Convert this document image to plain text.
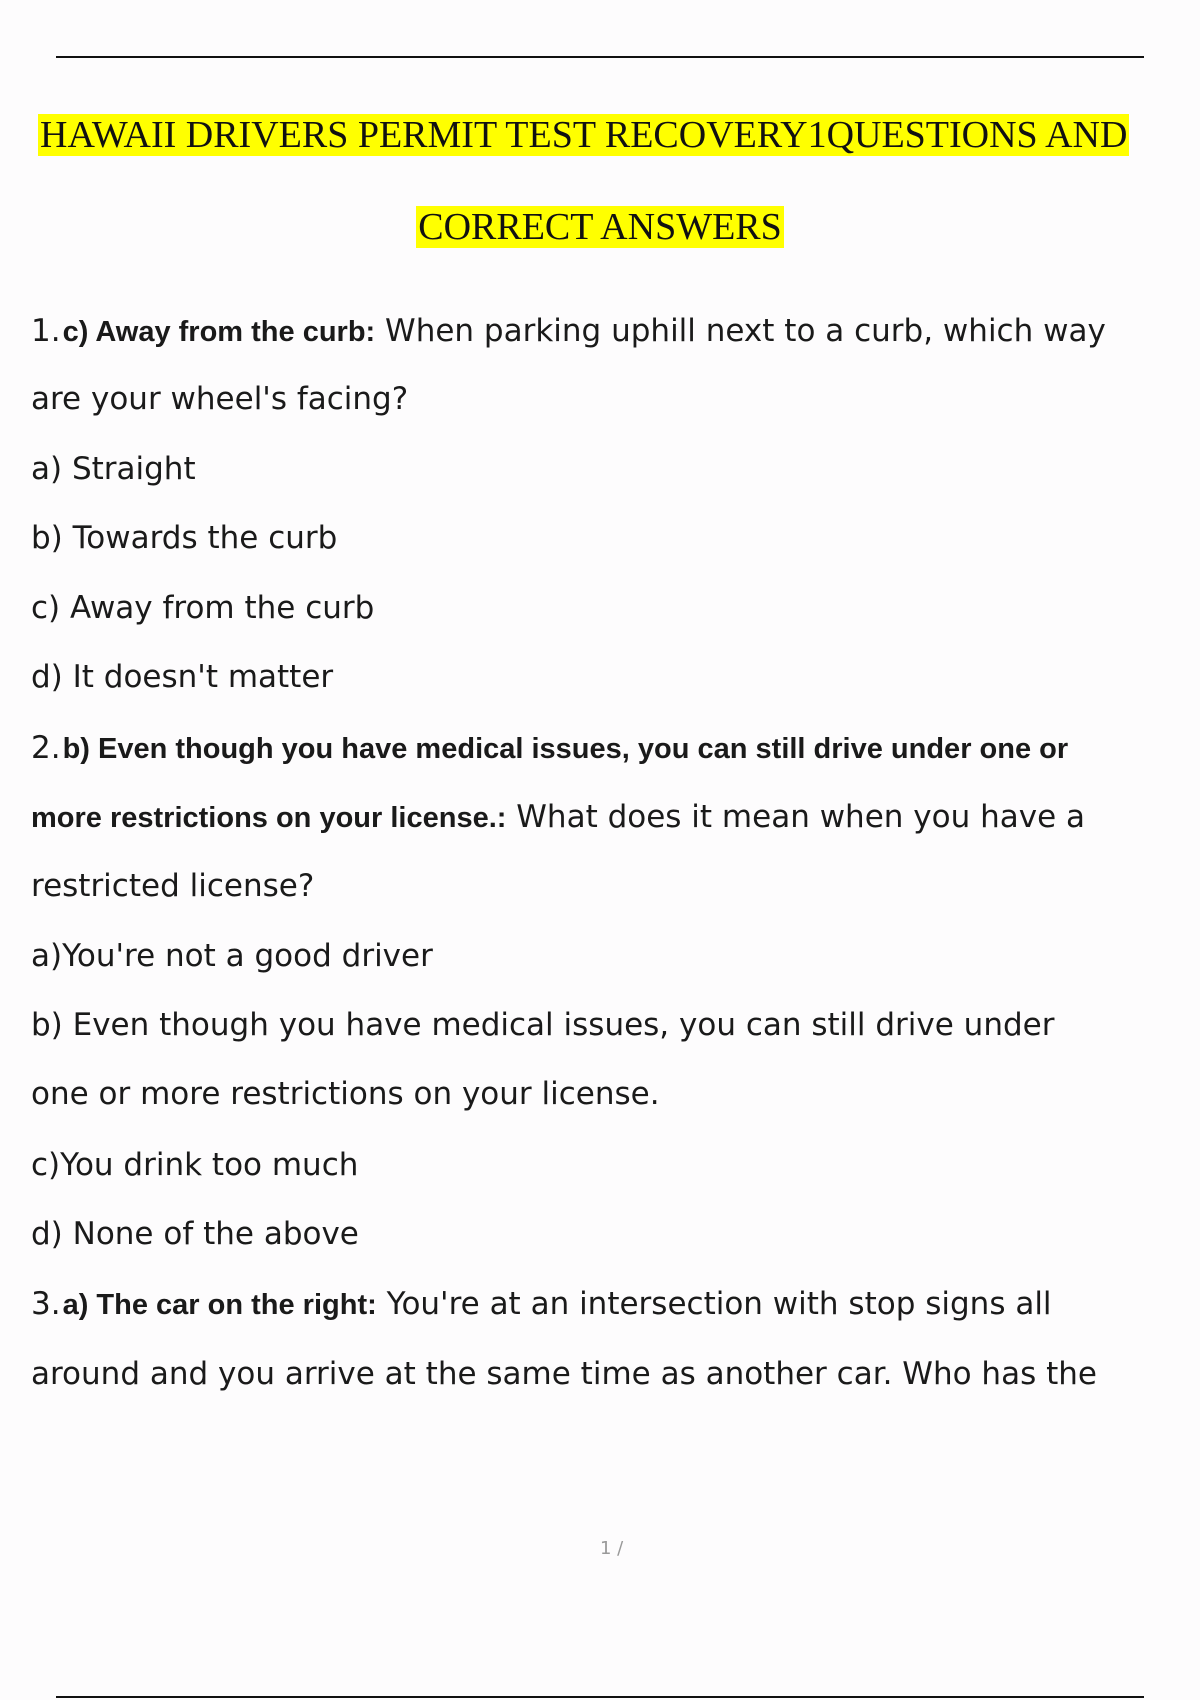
HAWAII DRIVERS PERMIT TEST RECOVERY1QUESTIONS AND
CORRECT ANSWERS
1.c) Away from the curb: When parking uphill next to a curb, which way
are your wheel's facing?
a) Straight
b) Towards the curb
c) Away from the curb
d) It doesn't matter
2.b) Even though you have medical issues, you can still drive under one or
more restrictions on your license.: What does it mean when you have a
restricted license?
a)You're not a good driver
b) Even though you have medical issues, you can still drive under
one or more restrictions on your license.
c)You drink too much
d) None of the above
3.a) The car on the right: You're at an intersection with stop signs all
around and you arrive at the same time as another car. Who has the
1 /
